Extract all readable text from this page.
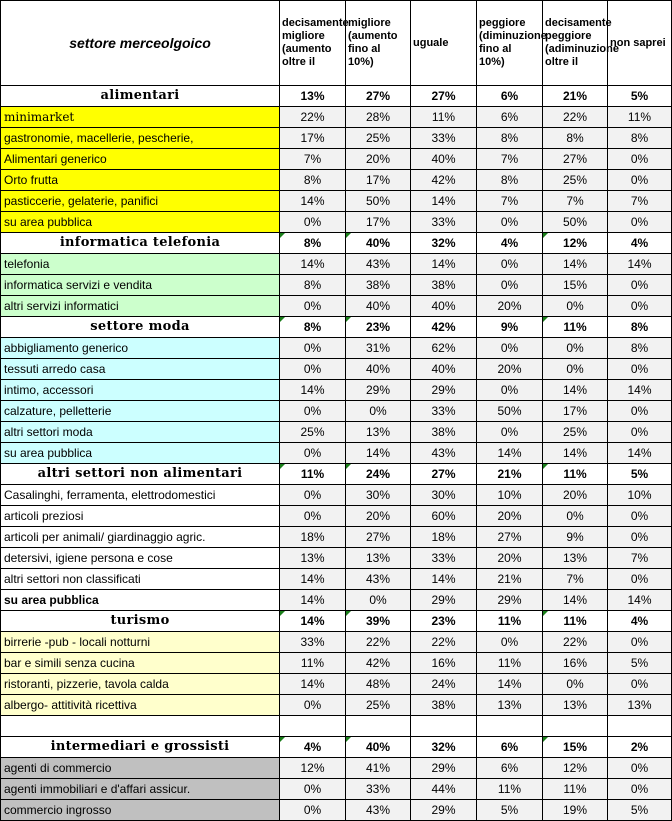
settore merceolgoico	decisamente migliore (aumento oltre il	migliore (aumento fino al 10%)	uguale	peggiore (diminuzione fino al 10%)	decisamente peggiore (adiminuzione oltre il	non saprei
alimentari	13%	27%	27%	6%	21%	5%
minimarket	22%	28%	11%	6%	22%	11%
gastronomie, macellerie, pescherie,	17%	25%	33%	8%	8%	8%
Alimentari generico	7%	20%	40%	7%	27%	0%
Orto frutta	8%	17%	42%	8%	25%	0%
pasticcerie, gelaterie, panifici	14%	50%	14%	7%	7%	7%
su area pubblica	0%	17%	33%	0%	50%	0%
informatica telefonia	8%	40%	32%	4%	12%	4%
telefonia	14%	43%	14%	0%	14%	14%
informatica servizi e vendita	8%	38%	38%	0%	15%	0%
altri servizi informatici	0%	40%	40%	20%	0%	0%
settore moda	8%	23%	42%	9%	11%	8%
abbigliamento generico	0%	31%	62%	0%	0%	8%
tessuti arredo casa	0%	40%	40%	20%	0%	0%
intimo, accessori	14%	29%	29%	0%	14%	14%
calzature, pelletterie	0%	0%	33%	50%	17%	0%
altri settori moda	25%	13%	38%	0%	25%	0%
su area pubblica	0%	14%	43%	14%	14%	14%
altri settori non alimentari	11%	24%	27%	21%	11%	5%
Casalinghi, ferramenta, elettrodomestici	0%	30%	30%	10%	20%	10%
articoli preziosi	0%	20%	60%	20%	0%	0%
articoli per animali/ giardinaggio agric.	18%	27%	18%	27%	9%	0%
detersivi, igiene persona e cose	13%	13%	33%	20%	13%	7%
altri settori non classificati	14%	43%	14%	21%	7%	0%
su area pubblica	14%	0%	29%	29%	14%	14%
turismo	14%	39%	23%	11%	11%	4%
birrerie -pub - locali notturni	33%	22%	22%	0%	22%	0%
bar e simili senza cucina	11%	42%	16%	11%	16%	5%
ristoranti, pizzerie, tavola calda	14%	48%	24%	14%	0%	0%
albergo- attitività ricettiva	0%	25%	38%	13%	13%	13%

intermediari e grossisti	4%	40%	32%	6%	15%	2%
agenti di commercio	12%	41%	29%	6%	12%	0%
agenti immobiliari e d'affari assicur.	0%	33%	44%	11%	11%	0%
commercio ingrosso	0%	43%	29%	5%	19%	5%
